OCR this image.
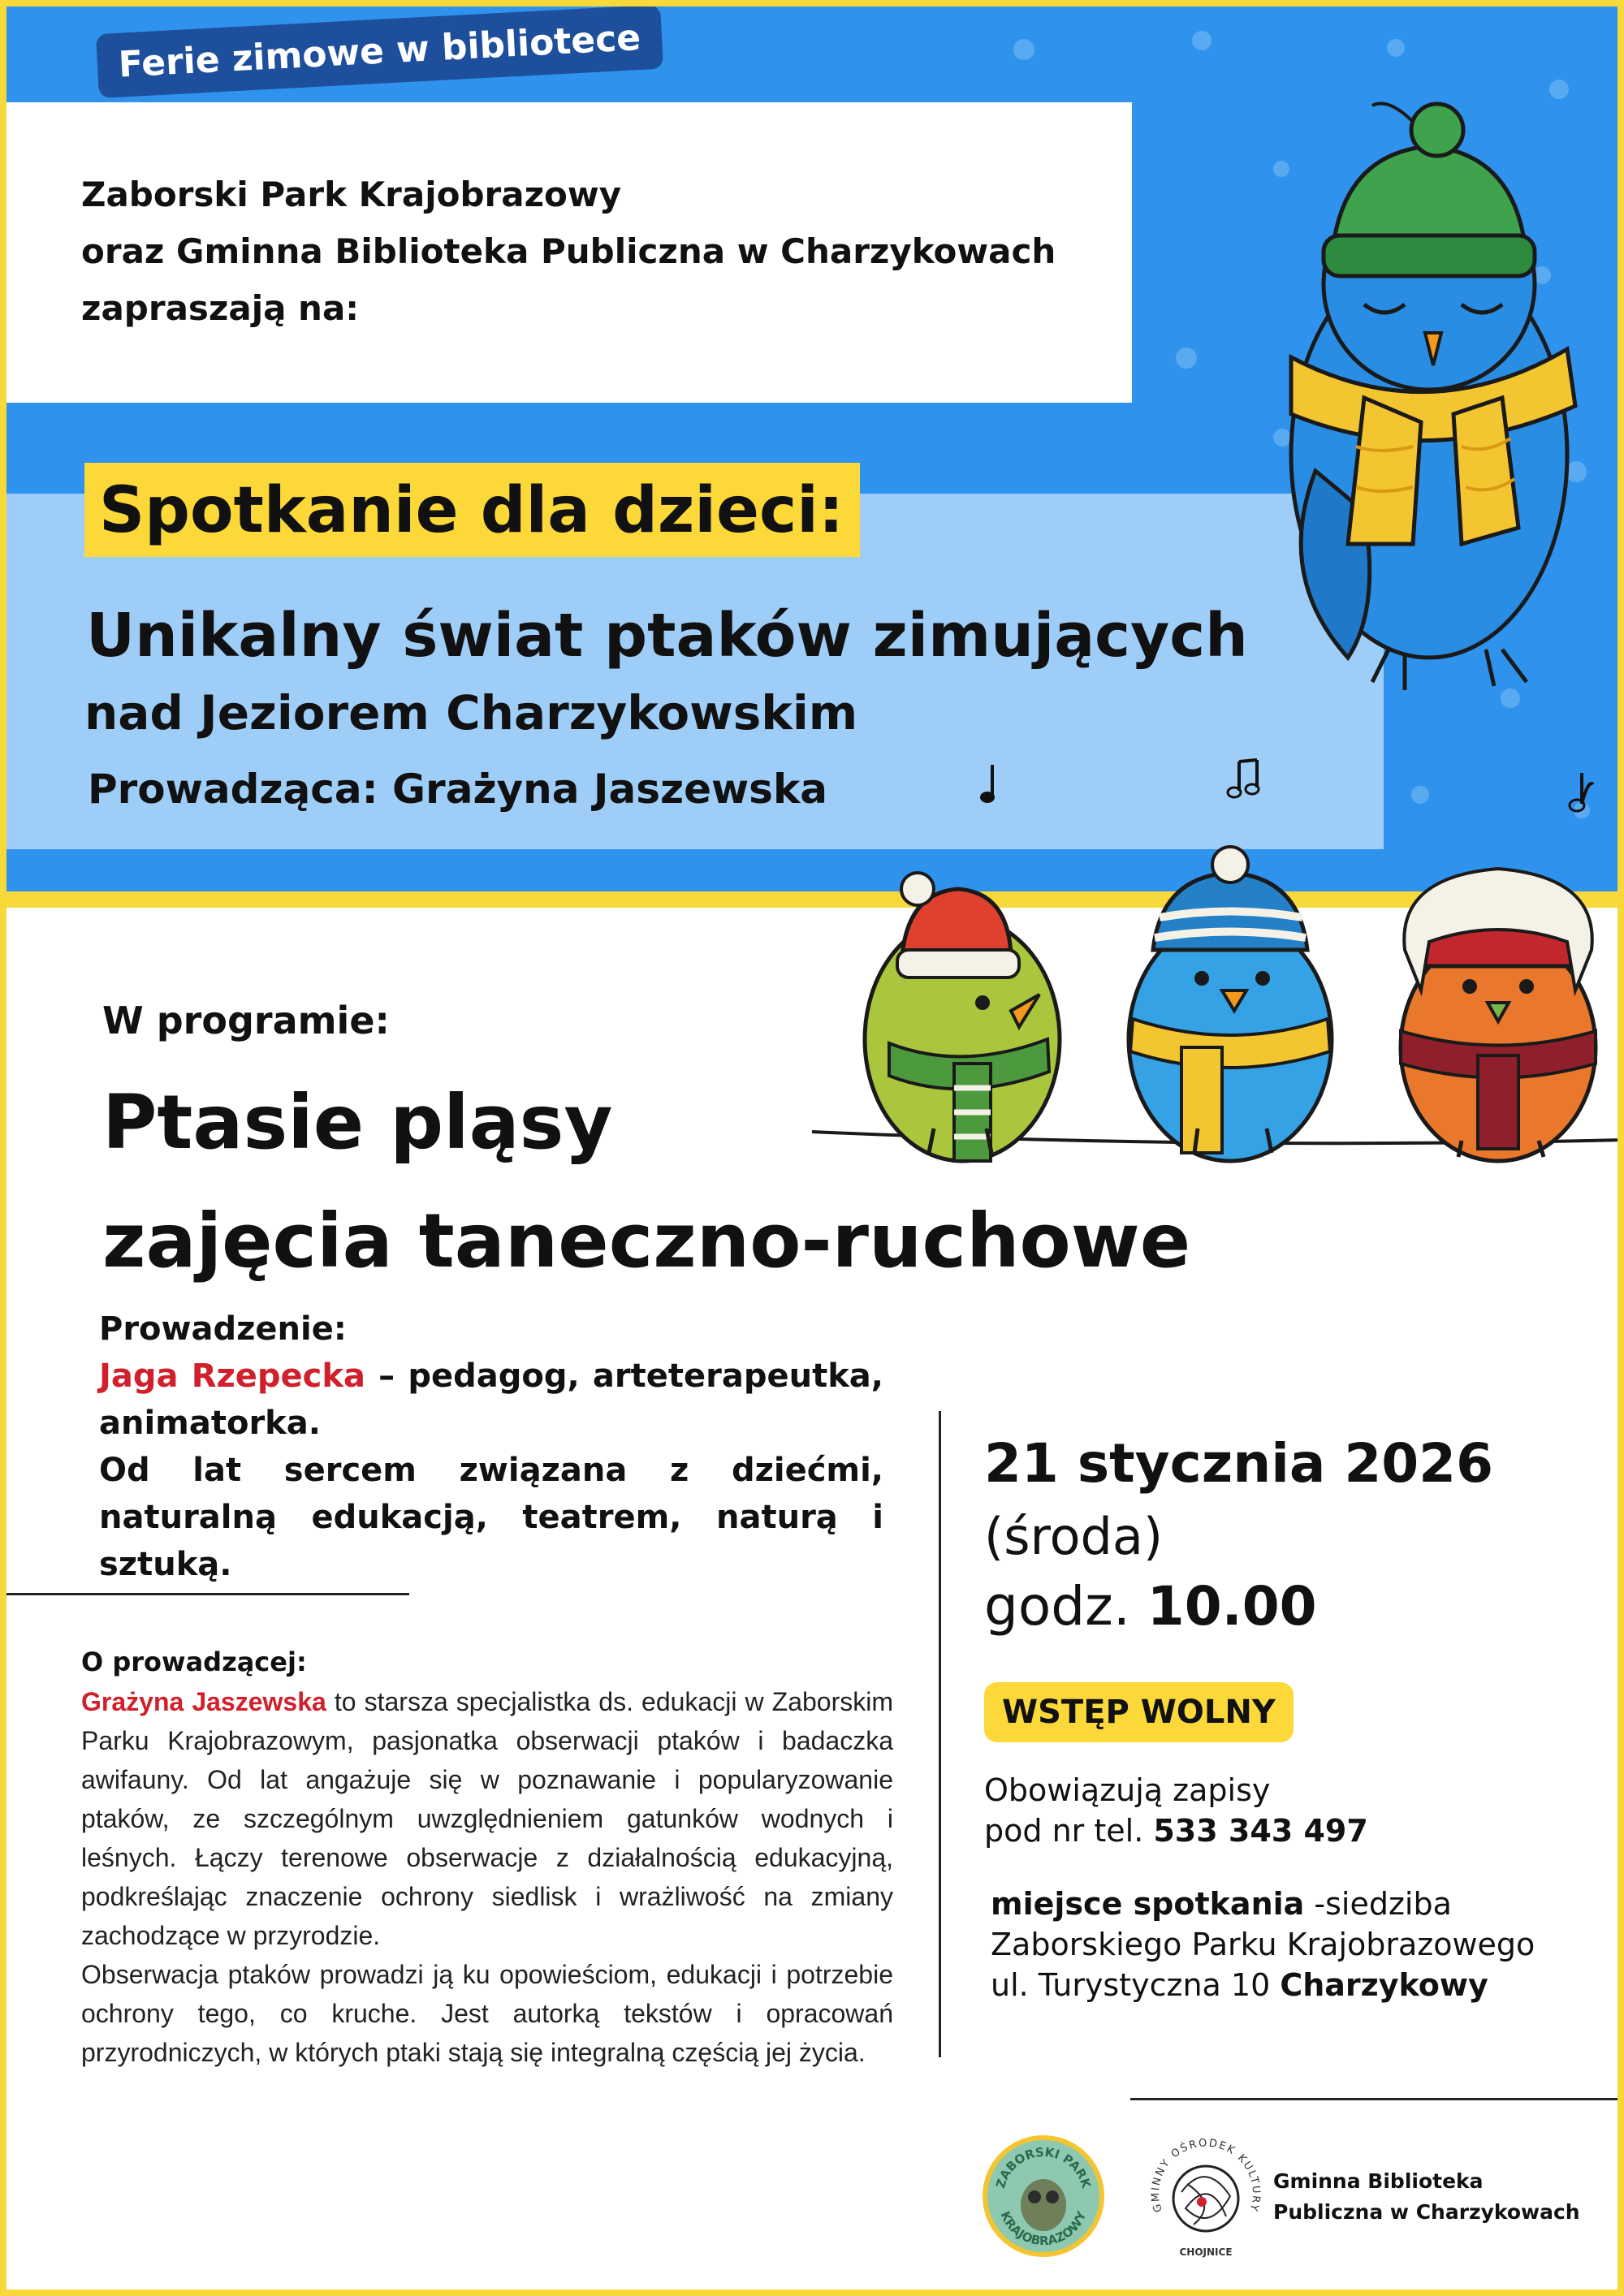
Ferie zimowe w bibliotece
Zaborski Park Krajobrazowy
oraz Gminna Biblioteka Publiczna w Charzykowach
zapraszają na:
Spotkanie dla dzieci:
Unikalny świat ptaków zimujących
nad Jeziorem Charzykowskim
Prowadząca: Grażyna Jaszewska
W programie:
Ptasie pląsy
zajęcia taneczno-ruchowe
Prowadzenie:
Jaga Rzepecka – pedagog, arteterapeutka, animatorka.
Od lat sercem związana z dziećmi, naturalną edukacją, teatrem, naturą i sztuką.
O prowadzącej:

Grażyna Jaszewska to starsza specjalistka ds. edukacji w Zaborskim Parku Krajobrazowym, pasjonatka obserwacji ptaków i badaczka awifauny. Od lat angażuje się w poznawanie i popularyzowanie ptaków, ze szczególnym uwzględnieniem gatunków wodnych i leśnych. Łączy terenowe obserwacje z działalnością edukacyjną, podkreślając znaczenie ochrony siedlisk i wrażliwość na zmiany zachodzące w przyrodzie.

Obserwacja ptaków prowadzi ją ku opowieściom, edukacji i potrzebie ochrony tego, co kruche. Jest autorką tekstów i opracowań przyrodniczych, w których ptaki stają się integralną częścią jej życia.

21 stycznia 2026
(środa)
godz. 10.00
WSTĘP WOLNY
Obowiązują zapisy
pod nr tel. 533 343 497
miejsce spotkania -siedziba
Zaborskiego Parku Krajobrazowego
ul. Turystyczna 10 Charzykowy
ZABORSKI PARK
KRAJOBRAZOWY
GMINNY OŚRODEK KULTURY
CHOJNICE
Gminna Biblioteka
Publiczna w Charzykowach
